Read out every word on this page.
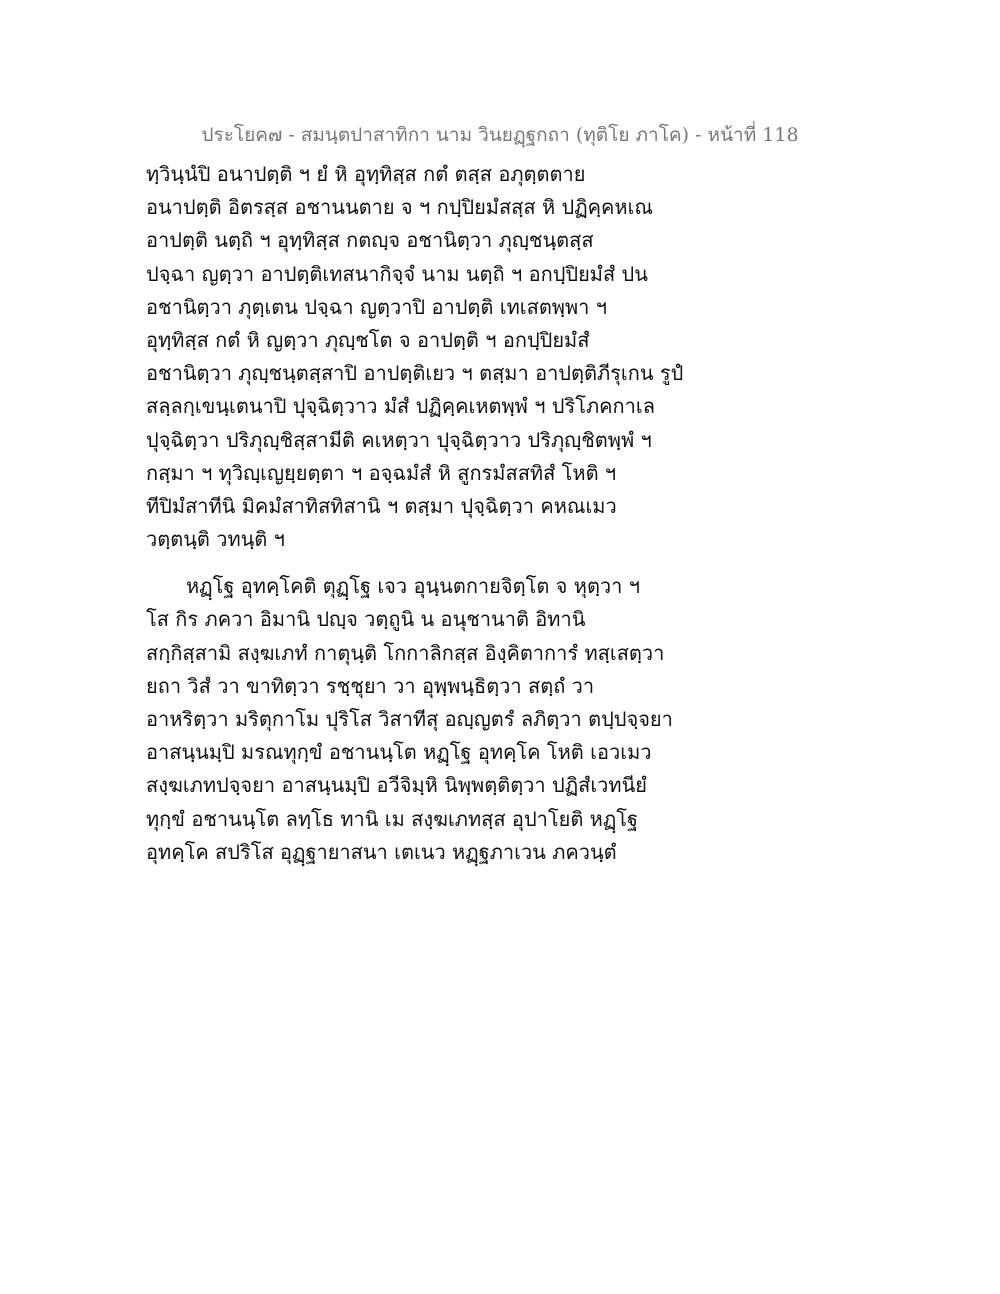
ประโยค๗ - สมนฺตปาสาทิกา นาม วินยฏฺฐกถา (ทุติโย ภาโค) - หน้าที่ 118
ทฺวินฺนํปิ อนาปตฺติ ฯ ยํ หิ อุทฺทิสฺส กตํ ตสฺส อภุตฺตตาย
อนาปตฺติ อิตรสฺส อชานนตาย จ ฯ กปฺปิยมํสสฺส หิ ปฏิคฺคหเณ
อาปตฺติ นตฺถิ ฯ อุทฺทิสฺส กตญฺจ อชานิตฺวา ภุญฺชนฺตสฺส
ปจฺฉา ญตฺวา อาปตฺติเทสนากิจฺจํ นาม นตฺถิ ฯ อกปฺปิยมํสํ ปน
อชานิตฺวา ภุตฺเตน ปจฺฉา ญตฺวาปิ อาปตฺติ เทเสตพฺพา ฯ
อุทฺทิสฺส กตํ หิ ญตฺวา ภุญฺชโต จ อาปตฺติ ฯ อกปฺปิยมํสํ
อชานิตฺวา ภุญฺชนฺตสฺสาปิ อาปตฺติเยว ฯ ตสฺมา อาปตฺติภีรุเกน รูปํ
สลฺลกฺเขนฺเตนาปิ ปุจฺฉิตฺวาว มํสํ ปฏิคฺคเหตพฺพํ ฯ ปริโภคกาเล
ปุจฺฉิตฺวา ปริภุญฺชิสฺสามีติ คเหตฺวา ปุจฺฉิตฺวาว ปริภุญฺชิตพฺพํ ฯ
กสฺมา ฯ ทุวิญฺเญยฺยตฺตา ฯ อจฺฉมํสํ หิ สูกรมํสสทิสํ โหติ ฯ
ทีปิมํสาทีนิ มิคมํสาทิสทิสานิ ฯ ตสฺมา ปุจฺฉิตฺวา คหณเมว
วตฺตนฺติ วทนฺติ ฯ
หฏฺโฐ อุทคฺโคติ ตุฏฺโฐ เจว อุนฺนตกายจิตฺโต จ หุตฺวา ฯ
โส กิร ภควา อิมานิ ปญฺจ วตฺถูนิ น อนุชานาติ อิทานิ
สกฺกิสฺสามิ สงฺฆเภทํ กาตุนฺติ โกกาลิกสฺส อิงฺคิตาการํ ทสฺเสตฺวา
ยถา วิสํ วา ขาทิตฺวา รชฺชุยา วา อุพฺพนฺธิตฺวา สตฺถํ วา
อาหริตฺวา มริตุกาโม ปุริโส วิสาทีสุ อญฺญตรํ ลภิตฺวา ตปฺปจฺจยา
อาสนฺนมฺปิ มรณทุกฺขํ อชานนฺโต หฏฺโฐ อุทคฺโค โหติ เอวเมว
สงฺฆเภทปจฺจยา อาสนฺนมฺปิ อวีจิมฺหิ นิพฺพตฺติตฺวา ปฏิสํเวทนียํ
ทุกฺขํ อชานนฺโต ลทฺโธ ทานิ เม สงฺฆเภทสฺส อุปาโยติ หฏฺโฐ
อุทคฺโค สปริโส อุฏฺฐายาสนา เตเนว หฏฺฐภาเวน ภควนฺตํ
